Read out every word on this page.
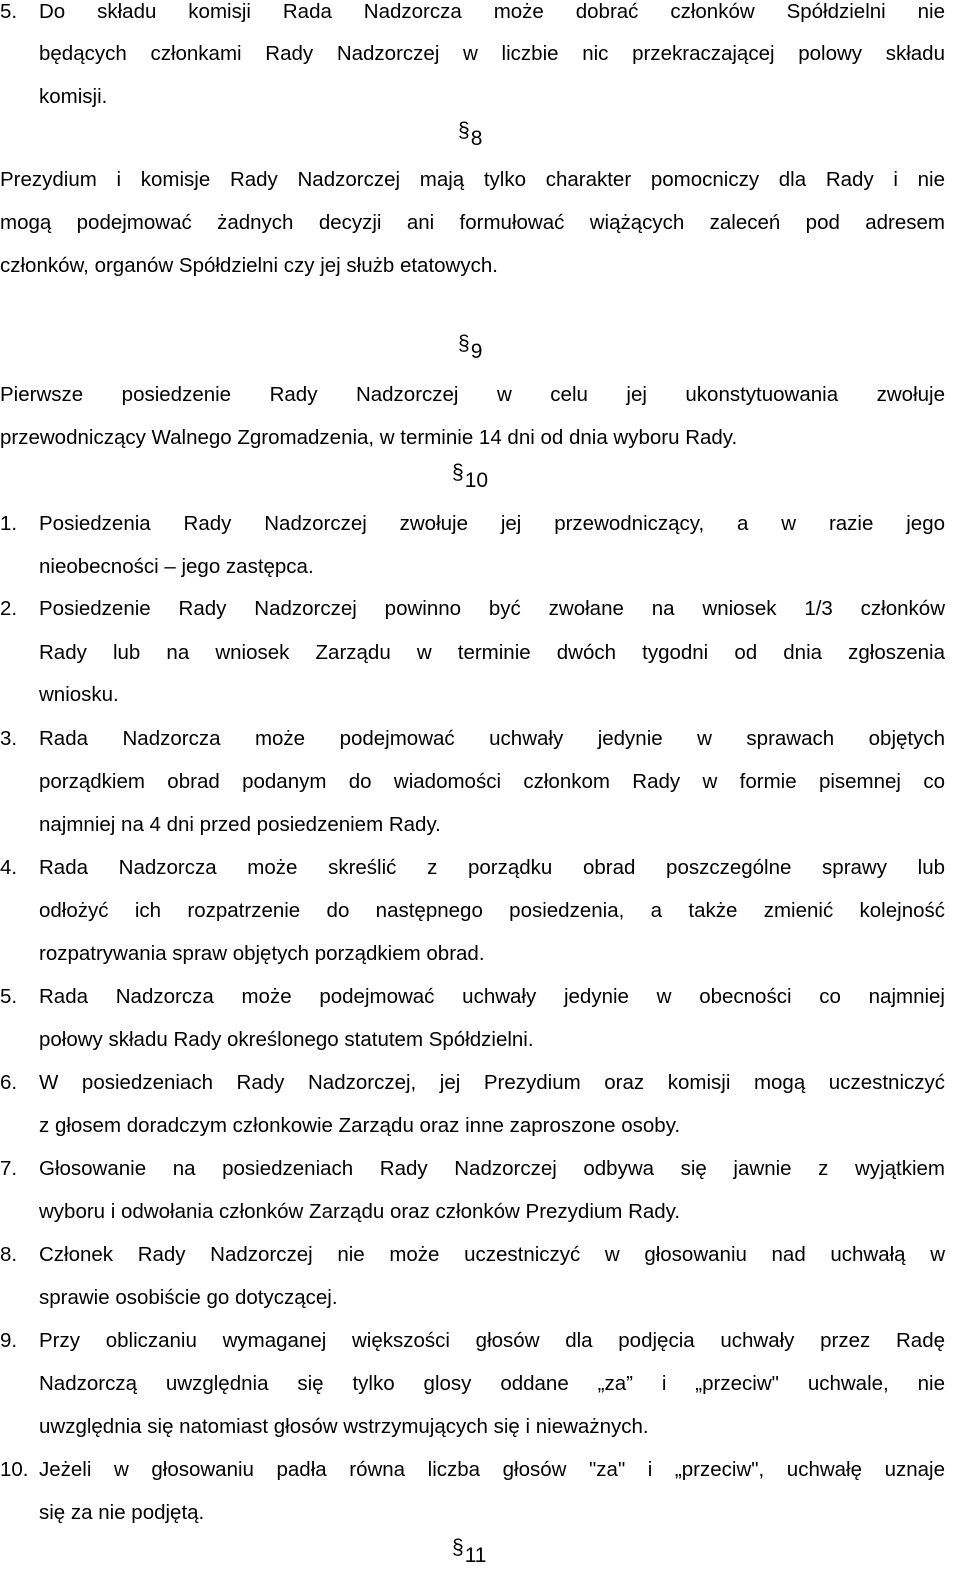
5. Do składu komisji Rada Nadzorcza może dobrać członków Spółdzielni nie
będących członkami Rady Nadzorczej w liczbie nic przekraczającej polowy składu
komisji.
§8
Prezydium i komisje Rady Nadzorczej mają tylko charakter pomocniczy dla Rady i nie
mogą podejmować żadnych decyzji ani formułować wiążących zaleceń pod adresem
członków, organów Spółdzielni czy jej służb etatowych.
§9
Pierwsze posiedzenie Rady Nadzorczej w celu jej ukonstytuowania zwołuje
przewodniczący Walnego Zgromadzenia, w terminie 14 dni od dnia wyboru Rady.
§10
1. Posiedzenia Rady Nadzorczej zwołuje jej przewodniczący, a w razie jego
nieobecności – jego zastępca.
2. Posiedzenie Rady Nadzorczej powinno być zwołane na wniosek 1/3 członków
Rady lub na wniosek Zarządu w terminie dwóch tygodni od dnia zgłoszenia
wniosku.
3. Rada Nadzorcza może podejmować uchwały jedynie w sprawach objętych
porządkiem obrad podanym do wiadomości członkom Rady w formie pisemnej co
najmniej na 4 dni przed posiedzeniem Rady.
4. Rada Nadzorcza może skreślić z porządku obrad poszczególne sprawy lub
odłożyć ich rozpatrzenie do następnego posiedzenia, a także zmienić kolejność
rozpatrywania spraw objętych porządkiem obrad.
5. Rada Nadzorcza może podejmować uchwały jedynie w obecności co najmniej
połowy składu Rady określonego statutem Spółdzielni.
6. W posiedzeniach Rady Nadzorczej, jej Prezydium oraz komisji mogą uczestniczyć
z głosem doradczym członkowie Zarządu oraz inne zaproszone osoby.
7. Głosowanie na posiedzeniach Rady Nadzorczej odbywa się jawnie z wyjątkiem
wyboru i odwołania członków Zarządu oraz członków Prezydium Rady.
8. Członek Rady Nadzorczej nie może uczestniczyć w głosowaniu nad uchwałą w
sprawie osobiście go dotyczącej.
9. Przy obliczaniu wymaganej większości głosów dla podjęcia uchwały przez Radę
Nadzorczą uwzględnia się tylko glosy oddane „za” i „przeciw" uchwale, nie
uwzględnia się natomiast głosów wstrzymujących się i nieważnych.
10. Jeżeli w głosowaniu padła równa liczba głosów "za" i „przeciw", uchwałę uznaje
się za nie podjętą.
§11
